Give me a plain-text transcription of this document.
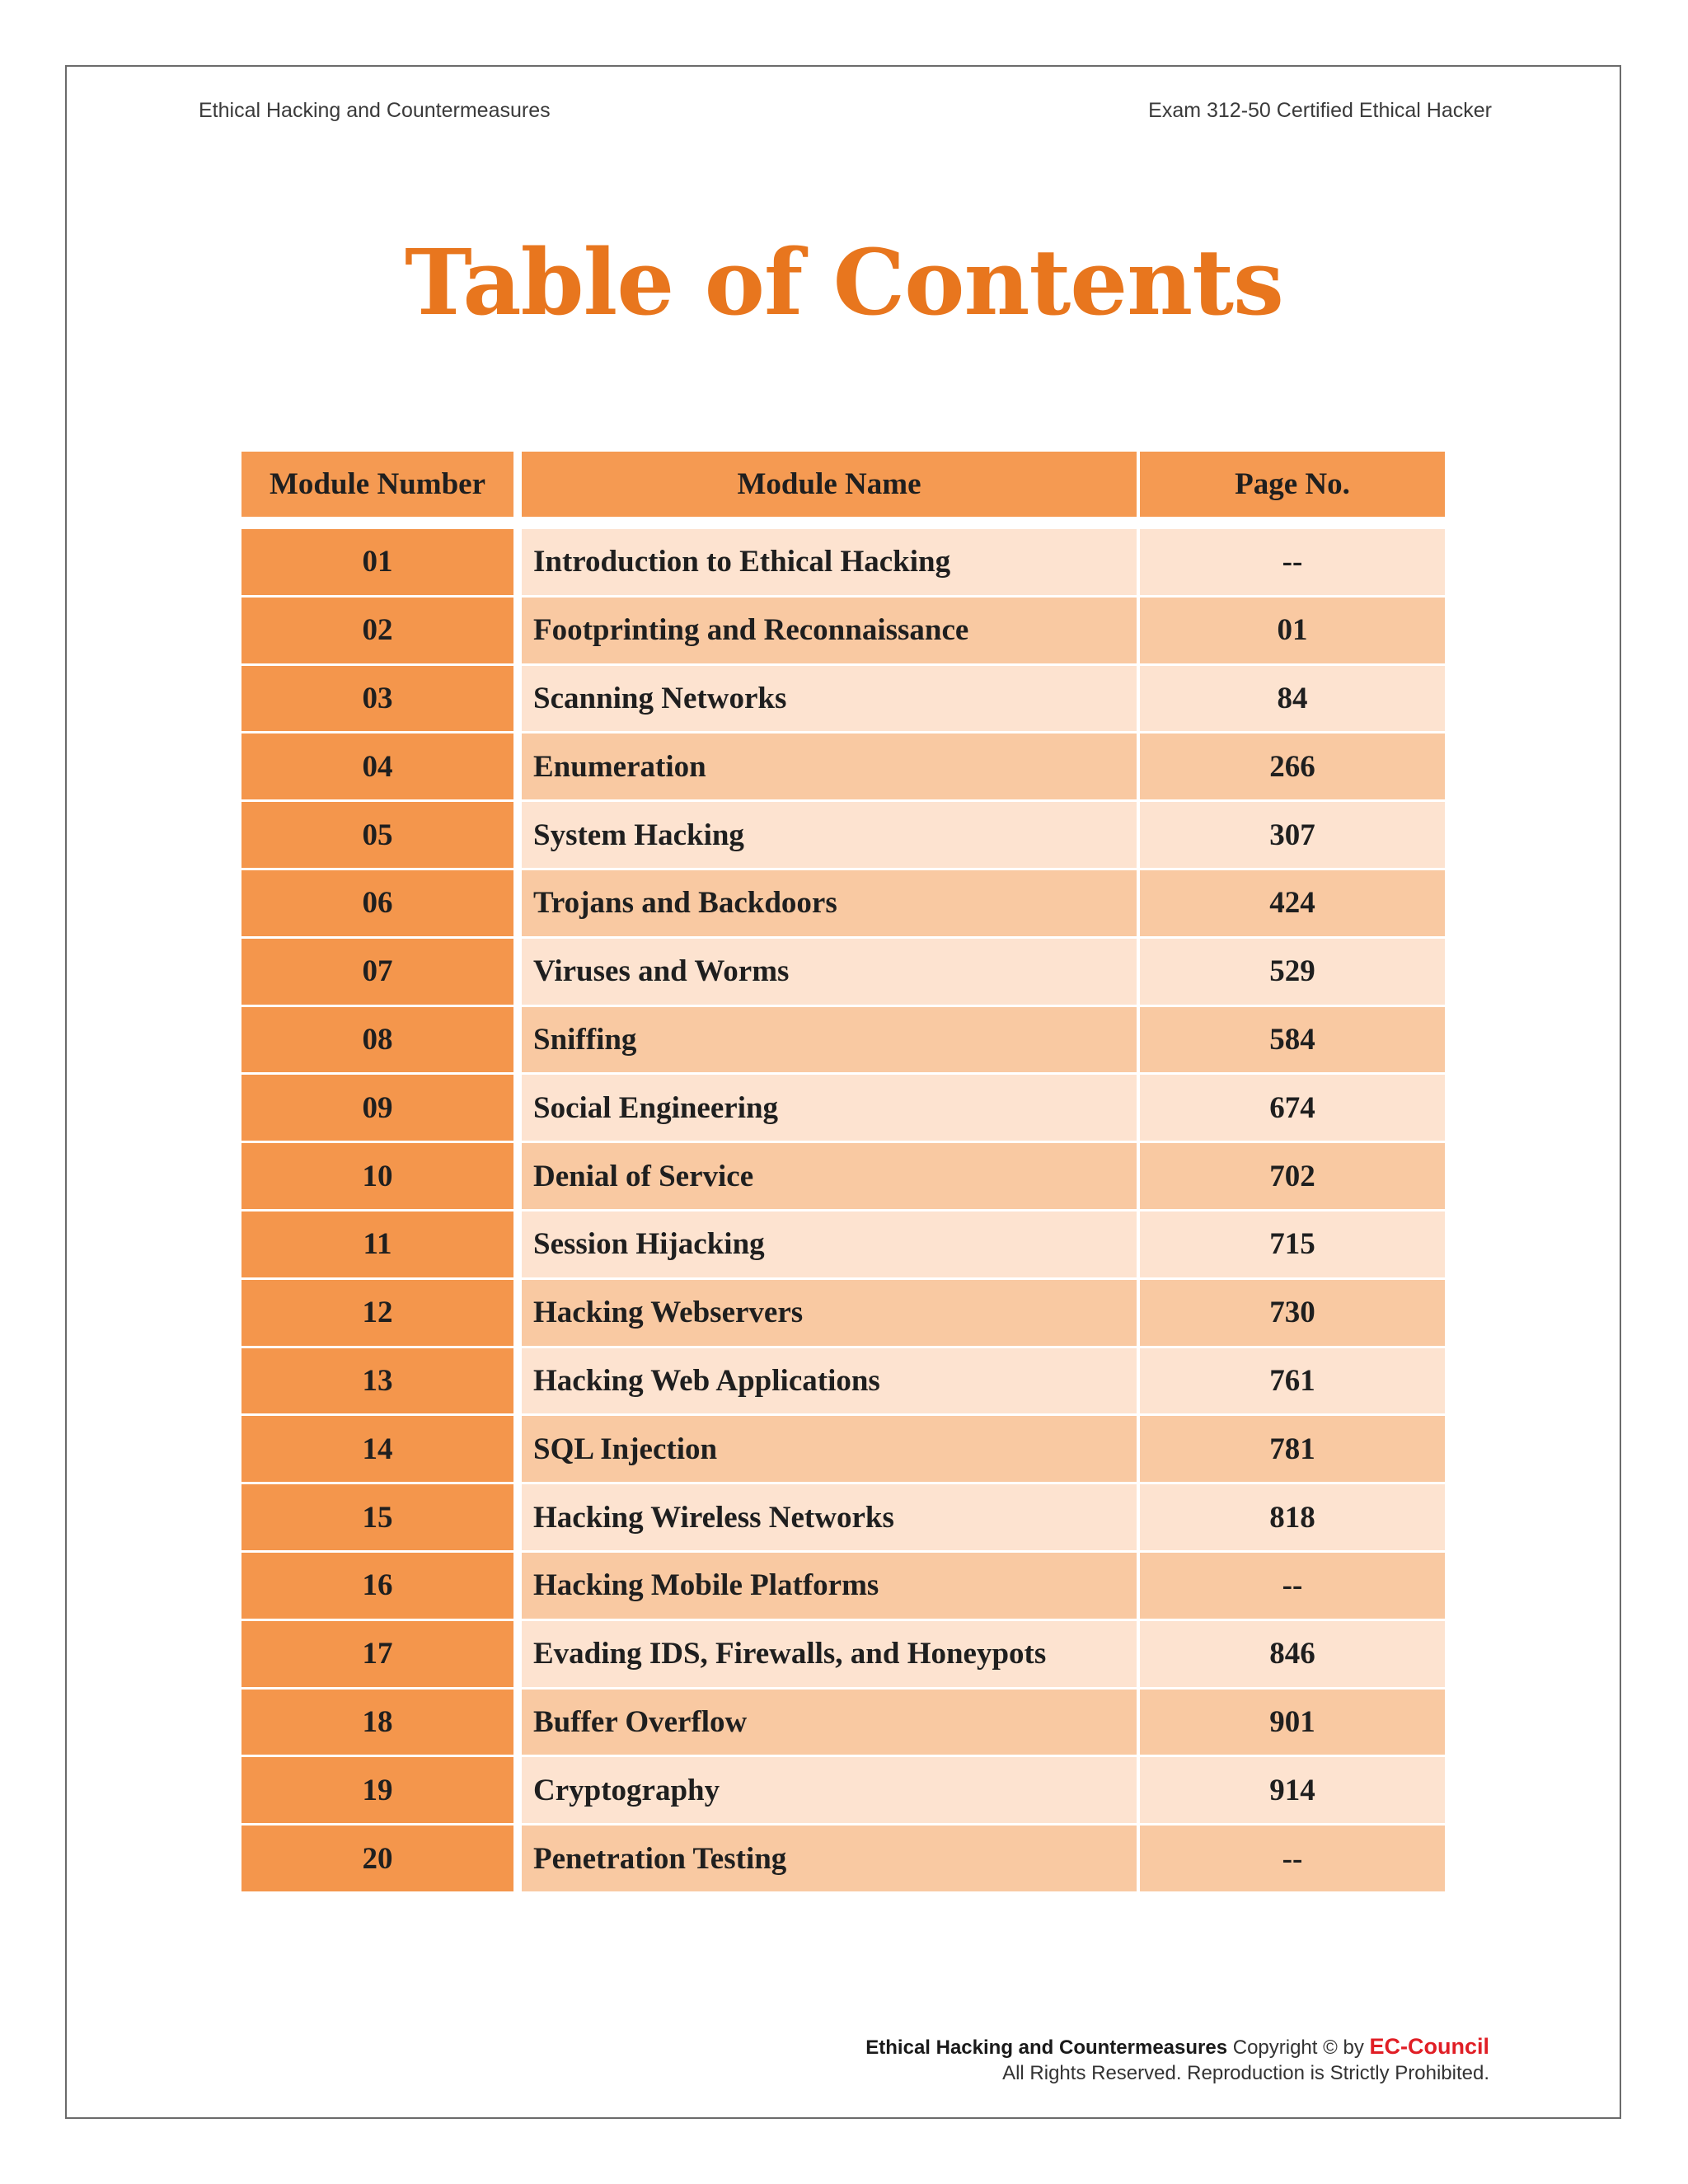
Ethical Hacking and Countermeasures	Exam 312-50 Certified Ethical Hacker
Table of Contents
Module Number	Module Name	Page No.
01	Introduction to Ethical Hacking	--
02	Footprinting and Reconnaissance	01
03	Scanning Networks	84
04	Enumeration	266
05	System Hacking	307
06	Trojans and Backdoors	424
07	Viruses and Worms	529
08	Sniffing	584
09	Social Engineering	674
10	Denial of Service	702
11	Session Hijacking	715
12	Hacking Webservers	730
13	Hacking Web Applications	761
14	SQL Injection	781
15	Hacking Wireless Networks	818
16	Hacking Mobile Platforms	--
17	Evading IDS, Firewalls, and Honeypots	846
18	Buffer Overflow	901
19	Cryptography	914
20	Penetration Testing	--
Ethical Hacking and Countermeasures Copyright © by EC-Council
All Rights Reserved. Reproduction is Strictly Prohibited.
